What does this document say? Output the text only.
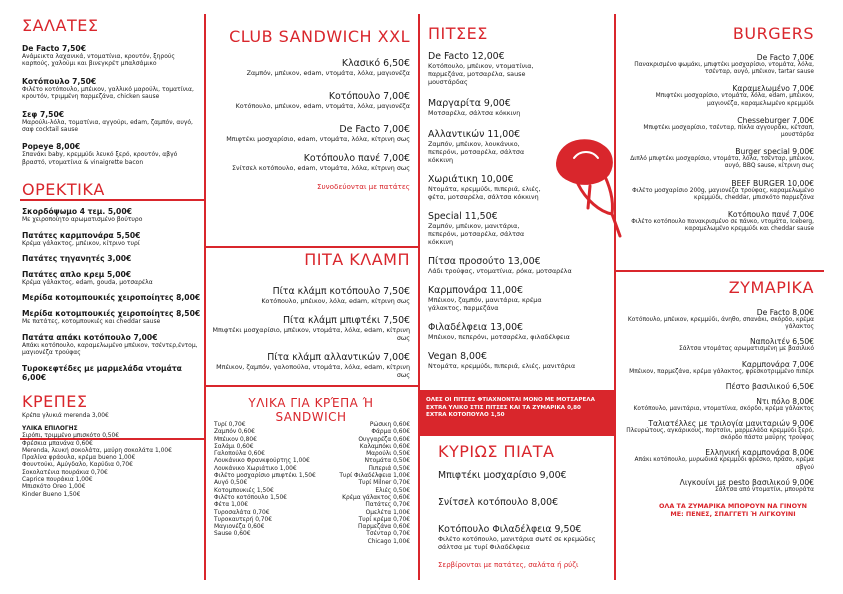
ΣΑΛΑΤΕΣ
De Facto 7,50€
Ανάμεικτα λαχανικά, ντοματίνια, κρουτόν, ξηρούς καρπούς, χαλούμι και βινεγκρέτ μπαλσάμικο
Κοτόπουλο 7,50€
Φιλέτο κοτόπουλο, μπέικον, γαλλικό μαρούλι, τοματίνια, κρουτόν, τριμμένη παρμεζάνα, chicken sause
Σεφ 7,50€
Μαρούλι-λόλα, τοματίνια, αγγούρι, edam, ζαμπόν, αυγό, σαφ cocktail sause
Popeye 8,00€
Σπανάκι baby, κρεμμύδι λευκό ξερό, κρουτόν, αβγό βραστό, ντοματίνια & vinaigrette bacon
ΟΡΕΚΤΙΚΑ
Σκορδόψωμο 4 τεμ. 5,00€
Με χειροποίητο αρωματισμένο βούτυρο
Πατάτες καρμπονάρα 5,50€
Κρέμα γάλακτος, μπέικον, κίτρινο τυρί
Πατάτες τηγανητές 3,00€
Πατάτες απλο κρεμ 5,00€
Κρέμα γάλακτος, edam, gouda, μοτσαρέλα
Μερίδα κοτομπουκιές χειροποίητες 8,00€
Μερίδα κοτομπουκιές χειροποίητες 8,50€
Με πατάτες, κοτομπουκιές και cheddar sause
Πατάτα απάκι κοτόπουλο 7,00€
Απάκι κοτόπουλο, καραμελωμένο μπέικον, τσέντερ,έντομ, μαγιονέζα τρούφας
Τυροκεφτέδες με μαρμελάδα ντομάτα 6,00€
ΚΡΕΠΕΣ
Κρέπα γλυκιά merenda 3,00€
ΥΛΙΚΑ ΕΠΙΛΟΓΗΣ
Σιρόπι, τριμμένο μπισκότο 0,50€
Φρέσκια μπανάνα 0,60€
Merenda, λευκή σοκολάτα, μαύρη σοκολάτα 1,00€
Πραλίνα φράουλα, κρέμα bueno 1,00€
Φουντούκι, Αμύγδαλο, Καρύδια 0,70€
Σοκολατένια πουράκια 0,70€
Caprice πουράκια 1,00€
Μπισκότο Oreo 1,00€
Kinder Bueno 1,50€
CLUB SANDWICH XXL
Κλασικό 6,50€
Ζαμπόν, μπέικον, edam, ντομάτα, λόλα, μαγιονέζα
Κοτόπουλο 7,00€
Κοτόπουλο, μπέικον, edam, ντομάτα, λόλα, μαγιονέζα
De Facto 7,00€
Μπιφτέκι μοσχαρίσιο, edam, ντομάτα, λόλα, κίτρινη σως
Κοτόπουλο πανέ 7,00€
Σνίτσελ κοτόπουλο, edam, ντομάτα, λόλα, κίτρινη σως
Συνοδεύονται με πατάτες
ΠΙΤΑ ΚΛΑΜΠ
Πίτα κλάμπ κοτόπουλο 7,50€
Κοτόπουλο, μπέικον, λόλα, edam, κίτρινη σως
Πίτα κλάμπ μπιφτέκι 7,50€
Μπιφτέκι μοσχαρίσιο, μπέικον, ντομάτα, λόλα, edam, κίτρινη σως
Πίτα κλάμπ αλλαντικών 7,00€
Μπέικον, ζαμπόν, γαλοπούλα, ντομάτα, λόλα, edam, κίτρινη σως
ΥΛΙΚΑ ΓΙΑ ΚΡΈΠΑ Ή SANDWICH
Τυρί 0,70€
Ζαμπόν 0,60€
Μπέικον 0,80€
Σαλάμι 0,60€
Γαλοπούλα 0,60€
Λουκάνικο Φρανκφούρτης 1,00€
Λουκάνικο Χωριάτικο 1,00€
Φιλέτο μοσχαρίσιο μπιφτέκι 1,50€
Αυγό 0,50€
Κοτομπουκιές 1,50€
Φιλέτο κοτόπουλο 1,50€
Φέτα 1,00€
Τυροσαλάτα 0,70€
Τυροκαυτερή 0,70€
Μαγιονέζα 0,60€
Sause 0,60€
Ρώσικη 0,60€
Φάρμα 0,60€
Ουγγαρέζα 0,60€
Καλαμπόκι 0,60€
Μαρούλι 0,50€
Ντομάτα 0,50€
Πιπεριά 0,50€
Τυρί Φιλαδέλφεια 1,00€
Τυρί Milner 0,70€
Ελιές 0,50€
Κρέμα γάλακτος 0,60€
Πατάτες 0,70€
Ομελέτα 1,00€
Τυρί κρέμα 0,70€
Παρμεζάνα 0,60€
Τσένταρ 0,70€
Chicago 1,00€
ΠΙΤΣΕΣ
De Facto 12,00€
Κοτόπουλο, μπέικον, ντοματίνια, παρμεζάνα, μοτσαρέλα, sause μουστάρδας
Μαργαρίτα 9,00€
Μοτσαρέλα, σάλτσα κόκκινη
Αλλαντικών 11,00€
Ζαμπόν, μπέικον, λουκάνικο, πεπερόνι, μοτσαρέλα, σάλτσα κόκκινη
Χωριάτικη 10,00€
Ντομάτα, κρεμμύδι, πιπεριά, ελιές, φέτα, μοτσαρέλα, σάλτσα κόκκινη
Special 11,50€
Ζαμπόν, μπέικον, μανιτάρια, πεπερόνι, μοτσαρέλα, σάλτσα κόκκινη
Πίτσα προσούτο 13,00€
Λάδι τρούφας, ντοματίνια, ρόκα, μοτσαρέλα
Καρμπονάρα 11,00€
Μπέικον, ζαμπόν, μανιτάρια, κρέμα γάλακτος, παρμεζάνα
Φιλαδέλφεια 13,00€
Μπέικον, πεπερόνι, μοτσαρέλα, φιλαδέλφεια
Vegan 8,00€
Ντομάτα, κρεμμύδι, πιπεριά, ελιές, μανιτάρια
ΟΛΕΣ ΟΙ ΠΙΤΣΕΣ ΦΤΙΑΧΝΟΝΤΑΙ ΜΟΝΟ ΜΕ ΜΟΤΣΑΡΕΛΑ
EXTRA ΥΛΙΚΟ ΣΤΙΣ ΠΙΤΣΕΣ ΚΑΙ ΤΑ ΖΥΜΑΡΙΚΑ 0,80
EXTRA ΚΟΤΟΠΟΥΛΟ 1,50
ΚΥΡΙΩΣ ΠΙΑΤΑ
Μπιφτέκι μοσχαρίσιο 9,00€
Σνίτσελ κοτόπουλο 8,00€
Κοτόπουλο Φιλαδέλφεια 9,50€
Φιλέτο κοτόπουλο, μανιτάρια σωτέ σε κρεμώδες σάλτσα με τυρί Φιλαδέλφεια
Σερβίρονται με πατάτες, σαλάτα ή ρύζι
BURGERS
De Facto 7,00€
Πανακρισμένο ψωμάκι, μπιφτέκι μοσχαρίσιο, ντομάτα, λόλα, τσένταρ, αυγό, μπέικον, tartar sause
Καραμελωμένο 7,00€
Μπιφτέκι μοσχαρίσιο, ντομάτα, λόλα, edam, μπέικον, μαγιονέζα, καραμελωμένο κρεμμύδι
Chesseburger 7,00€
Μπιφτέκι μοσχαρίσιο, τσένταρ, πίκλα αγγουράκι, κέτσαπ, μουστάρδα
Burger special 9,00€
Διπλό μπιφτέκι μοσχαρίσιο, ντομάτα, λόλα, τσένταρ, μπέικον, αυγό, BBQ sause, κίτρινη σως
BEEF BURGER 10,00€
Φιλέτο μοσχαρίσιο 200g, μαγιονέζα τρούφας, καραμελωμένο κρεμμύδι, cheddar, μπισκότο παρμεζάνα
Κοτόπουλο πανέ 7,00€
Φιλέτο κοτόπουλο πανακρισμένο σε πάνκο, ντομάτα, Iceberg, καραμελωμένο κρεμμύδι και cheddar sause
ΖΥΜΑΡΙΚΑ
De Facto 8,00€
Κοτόπουλο, μπέικον, κρεμμύδι, άνηθο, σπανάκι, σκόρδο, κρέμα γάλακτος
Ναπολιτέν 6,50€
Σάλτσα ντομάτας αρωματισμένη με βασιλικό
Καρμπονάρα 7,00€
Μπέικον, παρμεζάνα, κρέμα γάλακτος, φρεσκοτριμμένο πιπέρι
Πέστο βασιλικού 6,50€
Ντι πόλο 8,00€
Κοτόπουλο, μανιτάρια, ντοματίνια, σκόρδο, κρέμα γάλακτος
Ταλιατέλλες με τριλογία μανιταριών 9,00€
Πλευρώτους, αγκάρικους, πορτσίνι, μαρμελάδα κρεμμύδι ξερό, σκόρδο πάστα μαύρης τρούφας
Ελληνική καρμπονάρα 8,00€
Απάκι κοτόπουλο, μυρωδικά κρεμμύδι φρέσκο, πράσο, κρέμα αβγού
Λιγκουίνι με pesto βασιλικού 9,00€
Σάλτσα από ντοματίνι, μπουράτα
ΟΛΑ ΤΑ ΖΥΜΑΡΙΚΑ ΜΠΟΡΟΥΝ ΝΑ ΓΙΝΟΥΝ ΜΕ: ΠΕΝΕΣ, ΣΠΑΓΓΕΤΙ Ή ΛΙΓΚΟΥΙΝΙ
